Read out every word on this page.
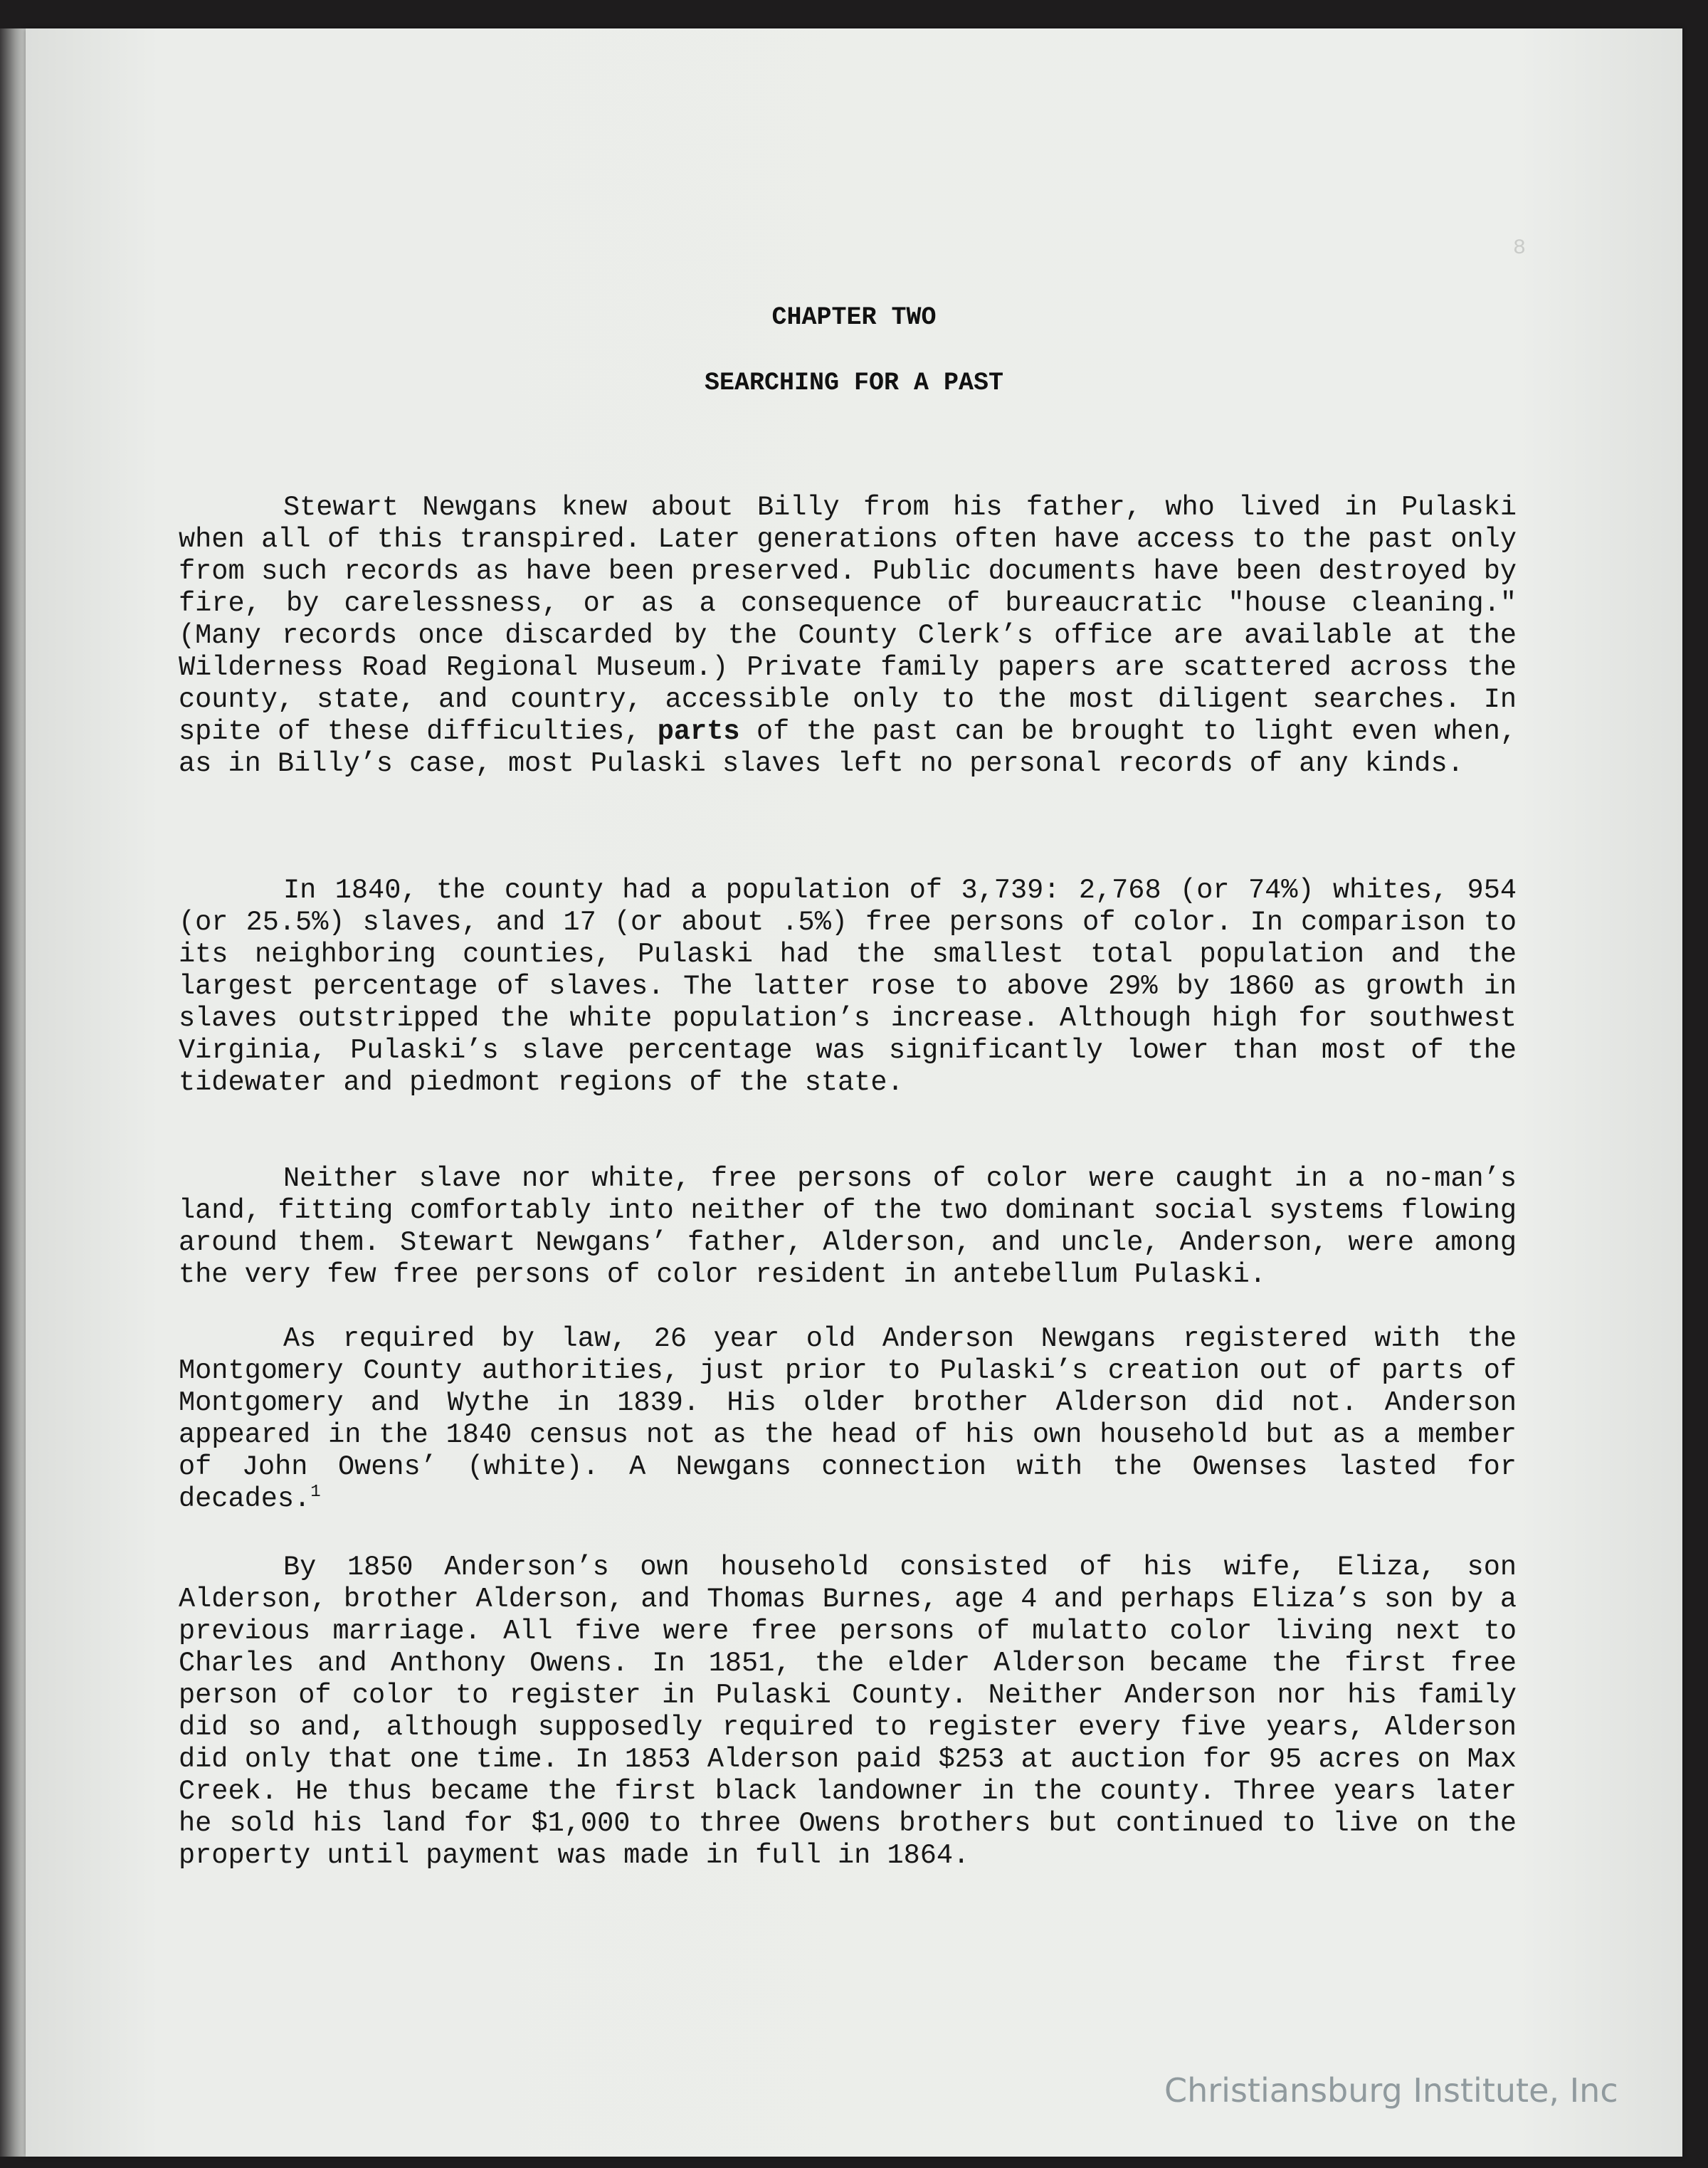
8
CHAPTER TWO
SEARCHING FOR A PAST

Stewart Newgans knew about Billy from his father, who lived in Pulaski when all of this transpired. Later generations often have access to the past only from such records as have been preserved. Public documents have been destroyed by fire, by carelessness, or as a consequence of bureaucratic "house cleaning." (Many records once discarded by the County Clerk’s office are available at the Wilderness Road Regional Museum.) Private family papers are scattered across the county, state, and country, accessible only to the most diligent searches. In spite of these difficulties, parts of the past can be brought to light even when, as in Billy’s case, most Pulaski slaves left no personal records of any kinds.

In 1840, the county had a population of 3,739: 2,768 (or 74%) whites, 954 (or 25.5%) slaves, and 17 (or about .5%) free persons of color. In comparison to its neighboring counties, Pulaski had the smallest total population and the largest percentage of slaves. The latter rose to above 29% by 1860 as growth in slaves outstripped the white population’s increase. Although high for southwest Virginia, Pulaski’s slave percentage was significantly lower than most of the tidewater and piedmont regions of the state.

Neither slave nor white, free persons of color were caught in a no-man’s land, fitting comfortably into neither of the two dominant social systems flowing around them. Stewart Newgans’ father, Alderson, and uncle, Anderson, were among the very few free persons of color resident in antebellum Pulaski.

As required by law, 26 year old Anderson Newgans registered with the Montgomery County authorities, just prior to Pulaski’s creation out of parts of Montgomery and Wythe in 1839. His older brother Alderson did not. Anderson appeared in the 1840 census not as the head of his own household but as a member of John Owens’ (white). A Newgans connection with the Owenses lasted for decades.$^1$

By 1850 Anderson’s own household consisted of his wife, Eliza, son Alderson, brother Alderson, and Thomas Burnes, age 4 and perhaps Eliza’s son by a previous marriage. All five were free persons of mulatto color living next to Charles and Anthony Owens. In 1851, the elder Alderson became the first free person of color to register in Pulaski County. Neither Anderson nor his family did so and, although supposedly required to register every five years, Alderson did only that one time. In 1853 Alderson paid $253 at auction for 95 acres on Max Creek. He thus became the first black landowner in the county. Three years later he sold his land for $1,000 to three Owens brothers but continued to live on the property until payment was made in full in 1864.

Christiansburg Institute, Inc
